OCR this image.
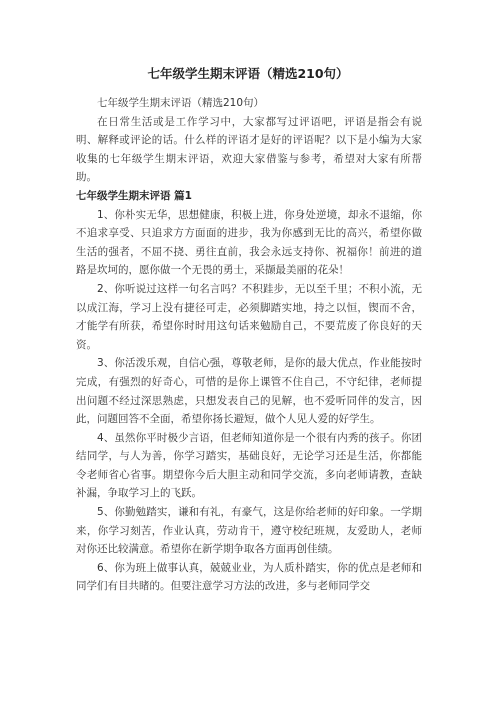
七年级学生期末评语（精选210句）

七年级学生期末评语（精选210句）

在日常生活或是工作学习中，大家都写过评语吧，评语是指会有说明、解释或评论的话。什么样的评语才是好的评语呢？以下是小编为大家收集的七年级学生期末评语，欢迎大家借鉴与参考，希望对大家有所帮助。

七年级学生期末评语 篇1

1、你朴实无华，思想健康，积极上进，你身处逆境，却永不退缩，你不追求享受、只追求方方面面的进步，我为你感到无比的高兴，希望你做生活的强者，不屈不挠、勇往直前，我会永远支持你、祝福你！前进的道路是坎坷的，愿你做一个无畏的勇士，采撷最美丽的花朵！

2、你听说过这样一句名言吗？不积跬步，无以至千里；不积小流，无以成江海，学习上没有捷径可走，必须脚踏实地，持之以恒，锲而不舍，才能学有所获，希望你时时用这句话来勉励自己，不要荒废了你良好的天资。

3、你活泼乐观，自信心强，尊敬老师，是你的最大优点，作业能按时完成，有强烈的好奇心，可惜的是你上课管不住自己，不守纪律，老师提出问题不经过深思熟虑，只想发表自己的见解，也不爱听同伴的发言，因此，问题回答不全面，希望你扬长避短，做个人见人爱的好学生。

4、虽然你平时极少言语，但老师知道你是一个很有内秀的孩子。你团结同学，与人为善，你学习踏实，基础良好，无论学习还是生活，你都能令老师省心省事。期望你今后大胆主动和同学交流，多向老师请教，查缺补漏，争取学习上的飞跃。

5、你勤勉踏实，谦和有礼，有豪气，这是你给老师的好印象。一学期来，你学习刻苦，作业认真，劳动肯干，遵守校纪班规，友爱助人，老师对你还比较满意。希望你在新学期争取各方面再创佳绩。

6、你为班上做事认真，兢兢业业，为人质朴踏实，你的优点是老师和同学们有目共睹的。但要注意学习方法的改进，多与老师同学交
